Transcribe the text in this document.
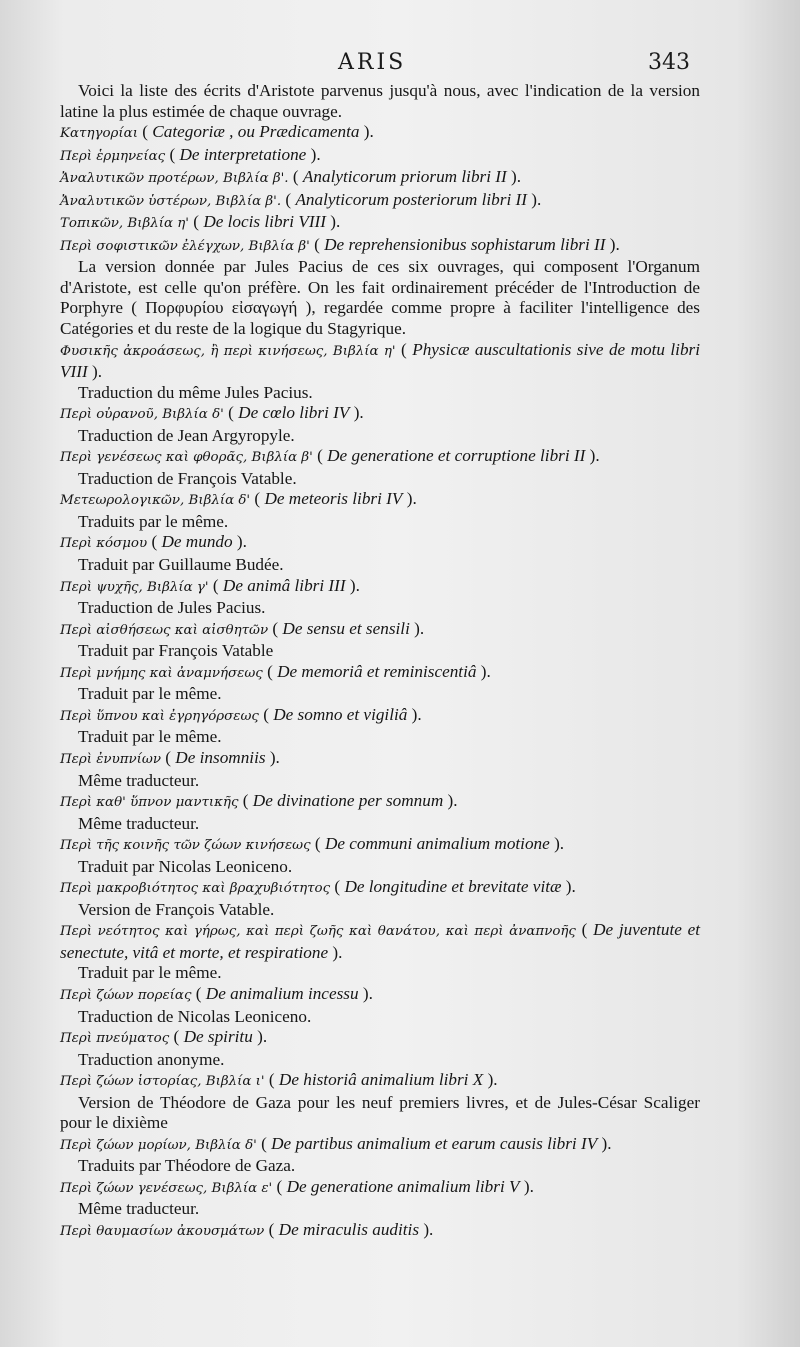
ARIS	343

Voici la liste des écrits d'Aristote parvenus jusqu'à nous, avec l'indication de la version latine la plus estimée de chaque ouvrage.

Κατηγορίαι ( Categoriæ , ou Prædicamenta ).

Περὶ ἑρμηνείας ( De interpretatione ).

Ἀναλυτικῶν προτέρων, Βιβλία β'. ( Analyticorum priorum libri II ).

Ἀναλυτικῶν ὑστέρων, Βιβλία β'. ( Analyticorum posteriorum libri II ).

Τοπικῶν, Βιβλία η' ( De locis libri VIII ).

Περὶ σοφιστικῶν ἐλέγχων, Βιβλία β' ( De reprehensionibus sophistarum libri II ).

La version donnée par Jules Pacius de ces six ouvrages, qui composent l'Organum d'Aristote, est celle qu'on préfère. On les fait ordinairement précéder de l'Introduction de Porphyre ( Πορφυρίου εἰσαγωγή ), regardée comme propre à faciliter l'intelligence des Catégories et du reste de la logique du Stagyrique.

Φυσικῆς ἀκροάσεως, ἢ περὶ κινήσεως, Βιβλία η' ( Physicæ auscultationis sive de motu libri VIII ).

Traduction du même Jules Pacius.

Περὶ οὐρανοῦ, Βιβλία δ' ( De cœlo libri IV ).

Traduction de Jean Argyropyle.

Περὶ γενέσεως καὶ φθορᾶς, Βιβλία β' ( De generatione et corruptione libri II ).

Traduction de François Vatable.

Μετεωρολογικῶν, Βιβλία δ' ( De meteoris libri IV ).

Traduits par le même.

Περὶ κόσμου ( De mundo ).

Traduit par Guillaume Budée.

Περὶ ψυχῆς, Βιβλία γ' ( De animâ libri III ).

Traduction de Jules Pacius.

Περὶ αἰσθήσεως καὶ αἰσθητῶν ( De sensu et sensili ).

Traduit par François Vatable

Περὶ μνήμης καὶ ἀναμνήσεως ( De memoriâ et reminiscentiâ ).

Traduit par le même.

Περὶ ὕπνου καὶ ἐγρηγόρσεως ( De somno et vigiliâ ).

Traduit par le même.

Περὶ ἐνυπνίων ( De insomniis ).

Même traducteur.

Περὶ καθ' ὕπνον μαντικῆς ( De divinatione per somnum ).

Même traducteur.

Περὶ τῆς κοινῆς τῶν ζώων κινήσεως ( De communi animalium motione ).

Traduit par Nicolas Leoniceno.

Περὶ μακροβιότητος καὶ βραχυβιότητος ( De longitudine et brevitate vitæ ).

Version de François Vatable.

Περὶ νεότητος καὶ γήρως, καὶ περὶ ζωῆς καὶ θανάτου, καὶ περὶ ἀναπνοῆς ( De juventute et senectute, vitâ et morte, et respiratione ).

Traduit par le même.

Περὶ ζώων πορείας ( De animalium incessu ).

Traduction de Nicolas Leoniceno.

Περὶ πνεύματος ( De spiritu ).

Traduction anonyme.

Περὶ ζώων ἱστορίας, Βιβλία ι' ( De historiâ animalium libri X ).

Version de Théodore de Gaza pour les neuf premiers livres, et de Jules-César Scaliger pour le dixième

Περὶ ζώων μορίων, Βιβλία δ' ( De partibus animalium et earum causis libri IV ).

Traduits par Théodore de Gaza.

Περὶ ζώων γενέσεως, Βιβλία ε' ( De generatione animalium libri V ).

Même traducteur.

Περὶ θαυμασίων ἀκουσμάτων ( De miraculis auditis ).
